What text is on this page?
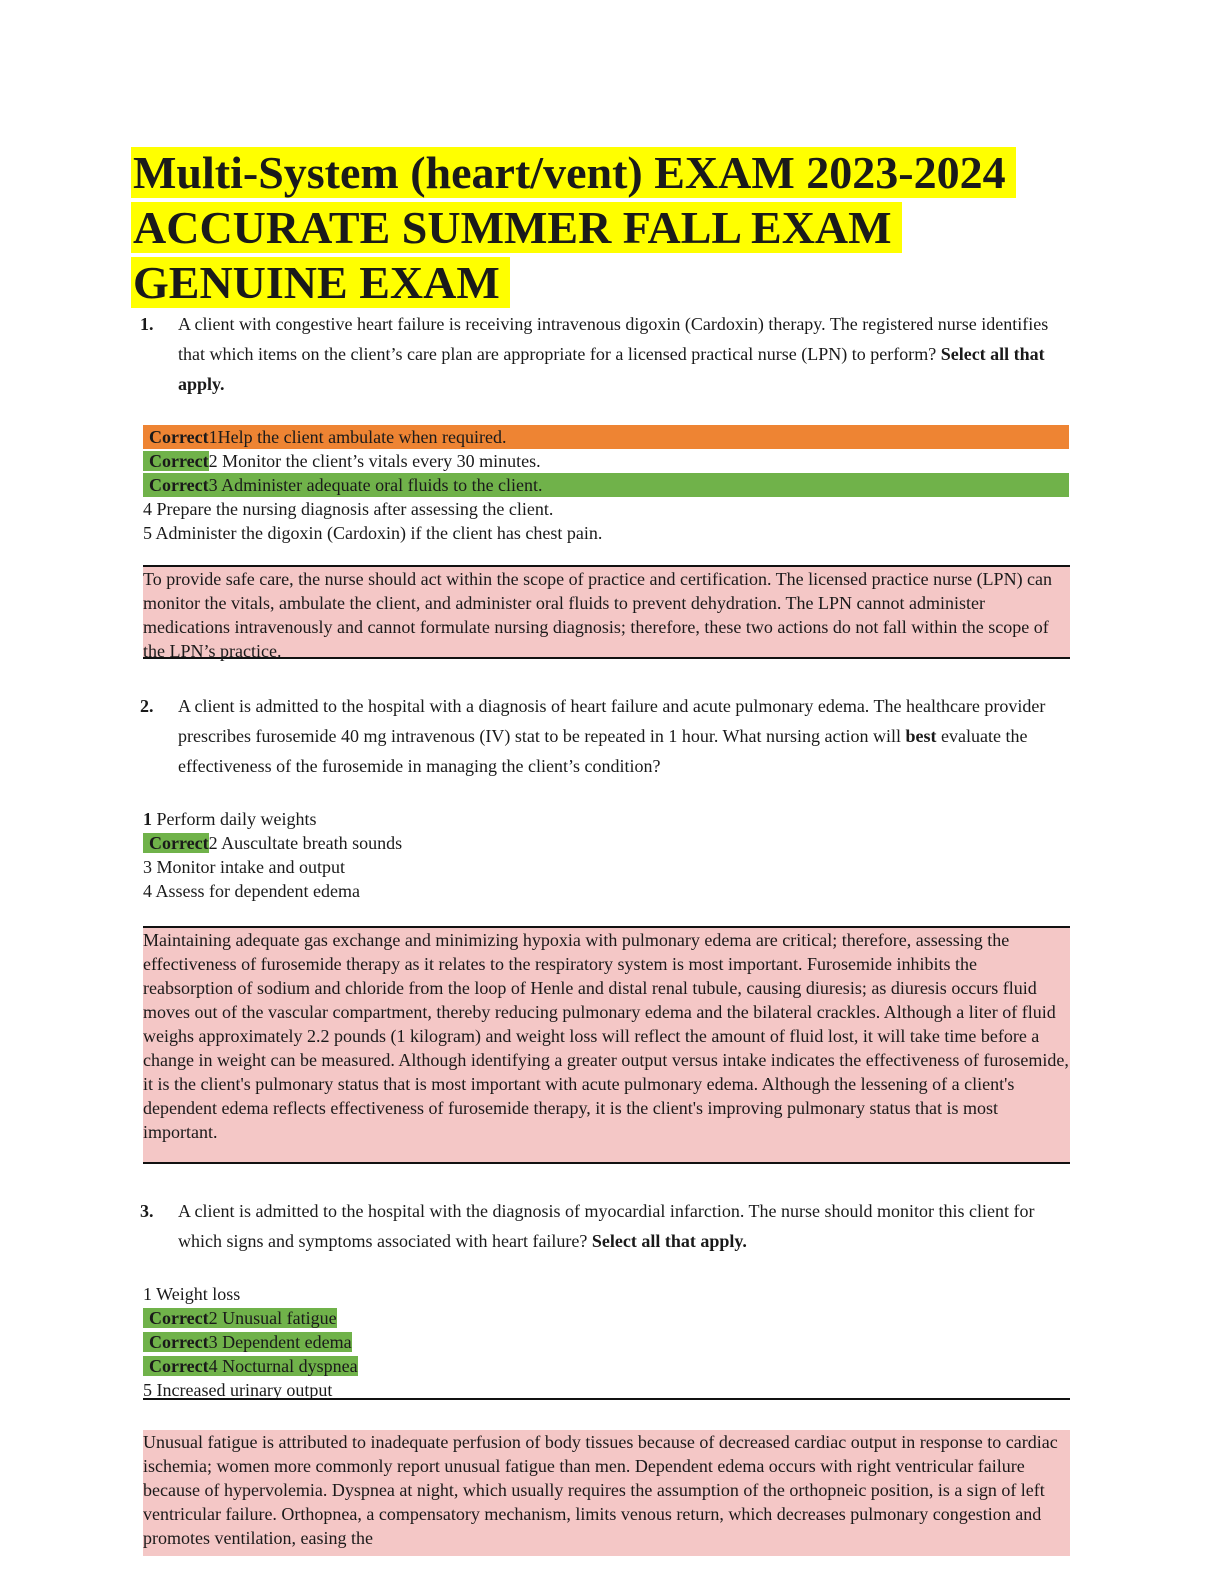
Multi-System (heart/vent) EXAM 2023-2024
ACCURATE SUMMER FALL EXAM
GENUINE EXAM
1.	A client with congestive heart failure is receiving intravenous digoxin (Cardoxin) therapy. The registered nurse identifies that which items on the client’s care plan are appropriate for a licensed practical nurse (LPN) to perform? Select all that apply.
Correct1Help the client ambulate when required.
Correct2 Monitor the client’s vitals every 30 minutes.
Correct3 Administer adequate oral fluids to the client.
4 Prepare the nursing diagnosis after assessing the client.
5 Administer the digoxin (Cardoxin) if the client has chest pain.

To provide safe care, the nurse should act within the scope of practice and certification. The licensed practice nurse (LPN) can monitor the vitals, ambulate the client, and administer oral fluids to prevent dehydration. The LPN cannot administer medications intravenously and cannot formulate nursing diagnosis; therefore, these two actions do not fall within the scope of the LPN’s practice.

2.	A client is admitted to the hospital with a diagnosis of heart failure and acute pulmonary edema. The healthcare provider prescribes furosemide 40 mg intravenous (IV) stat to be repeated in 1 hour. What nursing action will best evaluate the effectiveness of the furosemide in managing the client’s condition?
1 Perform daily weights
Correct2 Auscultate breath sounds
3 Monitor intake and output
4 Assess for dependent edema

Maintaining adequate gas exchange and minimizing hypoxia with pulmonary edema are critical; therefore, assessing the effectiveness of furosemide therapy as it relates to the respiratory system is most important. Furosemide inhibits the reabsorption of sodium and chloride from the loop of Henle and distal renal tubule, causing diuresis; as diuresis occurs fluid moves out of the vascular compartment, thereby reducing pulmonary edema and the bilateral crackles. Although a liter of fluid weighs approximately 2.2 pounds (1 kilogram) and weight loss will reflect the amount of fluid lost, it will take time before a change in weight can be measured. Although identifying a greater output versus intake indicates the effectiveness of furosemide, it is the client's pulmonary status that is most important with acute pulmonary edema. Although the lessening of a client's dependent edema reflects effectiveness of furosemide therapy, it is the client's improving pulmonary status that is most important.

3.	A client is admitted to the hospital with the diagnosis of myocardial infarction. The nurse should monitor this client for which signs and symptoms associated with heart failure? Select all that apply.
1 Weight loss
Correct2 Unusual fatigue
Correct3 Dependent edema
Correct4 Nocturnal dyspnea
5 Increased urinary output

Unusual fatigue is attributed to inadequate perfusion of body tissues because of decreased cardiac output in response to cardiac ischemia; women more commonly report unusual fatigue than men. Dependent edema occurs with right ventricular failure because of hypervolemia. Dyspnea at night, which usually requires the assumption of the orthopneic position, is a sign of left ventricular failure. Orthopnea, a compensatory mechanism, limits venous return, which decreases pulmonary congestion and promotes ventilation, easing the
